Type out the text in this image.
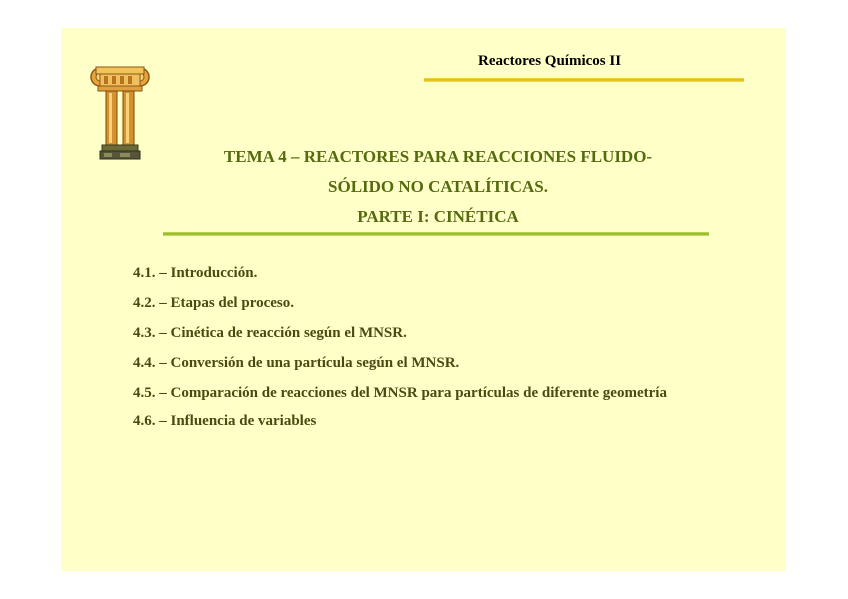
Reactores Químicos II
TEMA 4 – REACTORES PARA REACCIONES FLUIDO-
SÓLIDO NO CATALÍTICAS.
PARTE I: CINÉTICA
4.1. – Introducción.
4.2. – Etapas del proceso.
4.3. – Cinética de reacción según el MNSR.
4.4. – Conversión de una partícula según el MNSR.
4.5. – Comparación de reacciones del MNSR para partículas de diferente geometría
4.6. – Influencia de variables
